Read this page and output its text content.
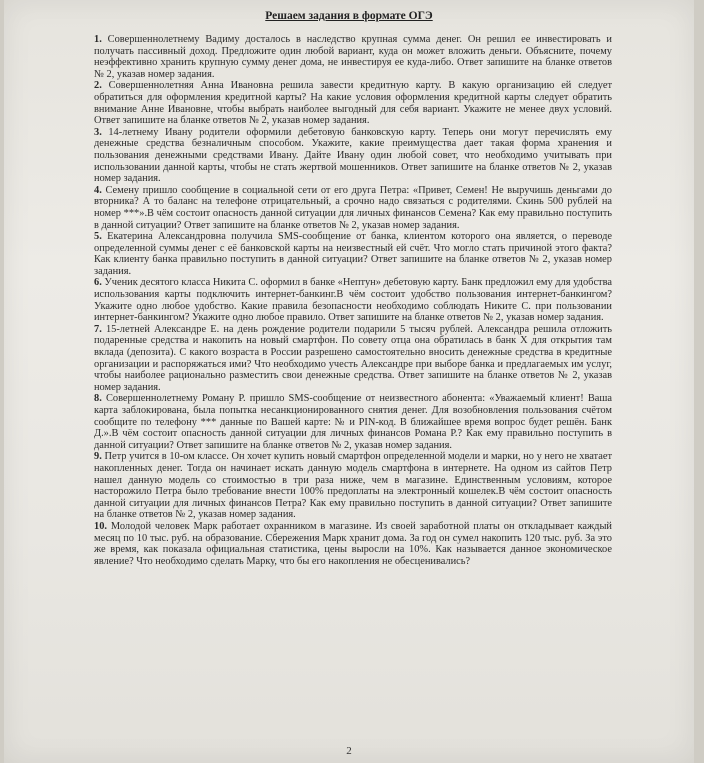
Решаем задания в формате ОГЭ

1. Совершеннолетнему Вадиму досталось в наследство крупная сумма денег. Он решил ее инвестировать и получать пассивный доход. Предложите один любой вариант, куда он может вложить деньги. Объясните, почему неэффективно хранить крупную сумму денег дома, не инвестируя ее куда-либо. Ответ запишите на бланке ответов № 2, указав номер задания.

2. Совершеннолетняя Анна Ивановна решила завести кредитную карту. В какую организацию ей следует обратиться для оформления кредитной карты? На какие условия оформления кредитной карты следует обратить внимание Анне Ивановне, чтобы выбрать наиболее выгодный для себя вариант. Укажите не менее двух условий. Ответ запишите на бланке ответов № 2, указав номер задания.

3. 14-летнему Ивану родители оформили дебетовую банковскую карту. Теперь они могут перечислять ему денежные средства безналичным способом. Укажите, какие преимущества дает такая форма хранения и пользования денежными средствами Ивану. Дайте Ивану один любой совет, что необходимо учитывать при использовании данной карты, чтобы не стать жертвой мошенников. Ответ запишите на бланке ответов № 2, указав номер задания.

4. Семену пришло сообщение в социальной сети от его друга Петра: «Привет, Семен! Не выручишь деньгами до вторника? А то баланс на телефоне отрицательный, а срочно надо связаться с родителями. Скинь 500 рублей на номер ***».В чём состоит опасность данной ситуации для личных финансов Семена? Как ему правильно поступить в данной ситуации? Ответ запишите на бланке ответов № 2, указав номер задания.

5. Екатерина Александровна получила SMS-сообщение от банка, клиентом которого она является, о переводе определенной суммы денег с её банковской карты на неизвестный ей счёт. Что могло стать причиной этого факта? Как клиенту банка правильно поступить в данной ситуации? Ответ запишите на бланке ответов № 2, указав номер задания.

6. Ученик десятого класса Никита С. оформил в банке «Нептун» дебетовую карту. Банк предложил ему для удобства использования карты подключить интернет-банкинг.В чём состоит удобство пользования интернет-банкингом? Укажите одно любое удобство. Какие правила безопасности необходимо соблюдать Никите С. при пользовании интернет-банкингом? Укажите одно любое правило. Ответ запишите на бланке ответов № 2, указав номер задания.

7. 15-летней Александре Е. на день рождение родители подарили 5 тысяч рублей. Александра решила отложить подаренные средства и накопить на новый смартфон. По совету отца она обратилась в банк Х для открытия там вклада (депозита). С какого возраста в России разрешено самостоятельно вносить денежные средства в кредитные организации и распоряжаться ими? Что необходимо учесть Александре при выборе банка и предлагаемых им услуг, чтобы наиболее рационально разместить свои денежные средства. Ответ запишите на бланке ответов № 2, указав номер задания.

8. Совершеннолетнему Роману Р. пришло SMS-сообщение от неизвестного абонента: «Уважаемый клиент! Ваша карта заблокирована, была попытка несанкционированного снятия денег. Для возобновления пользования счётом сообщите по телефону *** данные по Вашей карте: № и PIN-код. В ближайшее время вопрос будет решён. Банк Д.».В чём состоит опасность данной ситуации для личных финансов Романа Р.? Как ему правильно поступить в данной ситуации? Ответ запишите на бланке ответов № 2, указав номер задания.

9. Петр учится в 10-ом классе. Он хочет купить новый смартфон определенной модели и марки, но у него не хватает накопленных денег. Тогда он начинает искать данную модель смартфона в интернете. На одном из сайтов Петр нашел данную модель со стоимостью в три раза ниже, чем в магазине. Единственным условиям, которое насторожило Петра было требование внести 100% предоплаты на электронный кошелек.В чём состоит опасность данной ситуации для личных финансов Петра? Как ему правильно поступить в данной ситуации? Ответ запишите на бланке ответов № 2, указав номер задания.

10. Молодой человек Марк работает охранником в магазине. Из своей заработной платы он откладывает каждый месяц по 10 тыс. руб. на образование. Сбережения Марк хранит дома. За год он сумел накопить 120 тыс. руб. За это же время, как показала официальная статистика, цены выросли на 10%. Как называется данное экономическое явление? Что необходимо сделать Марку, что бы его накопления не обесценивались?

2
